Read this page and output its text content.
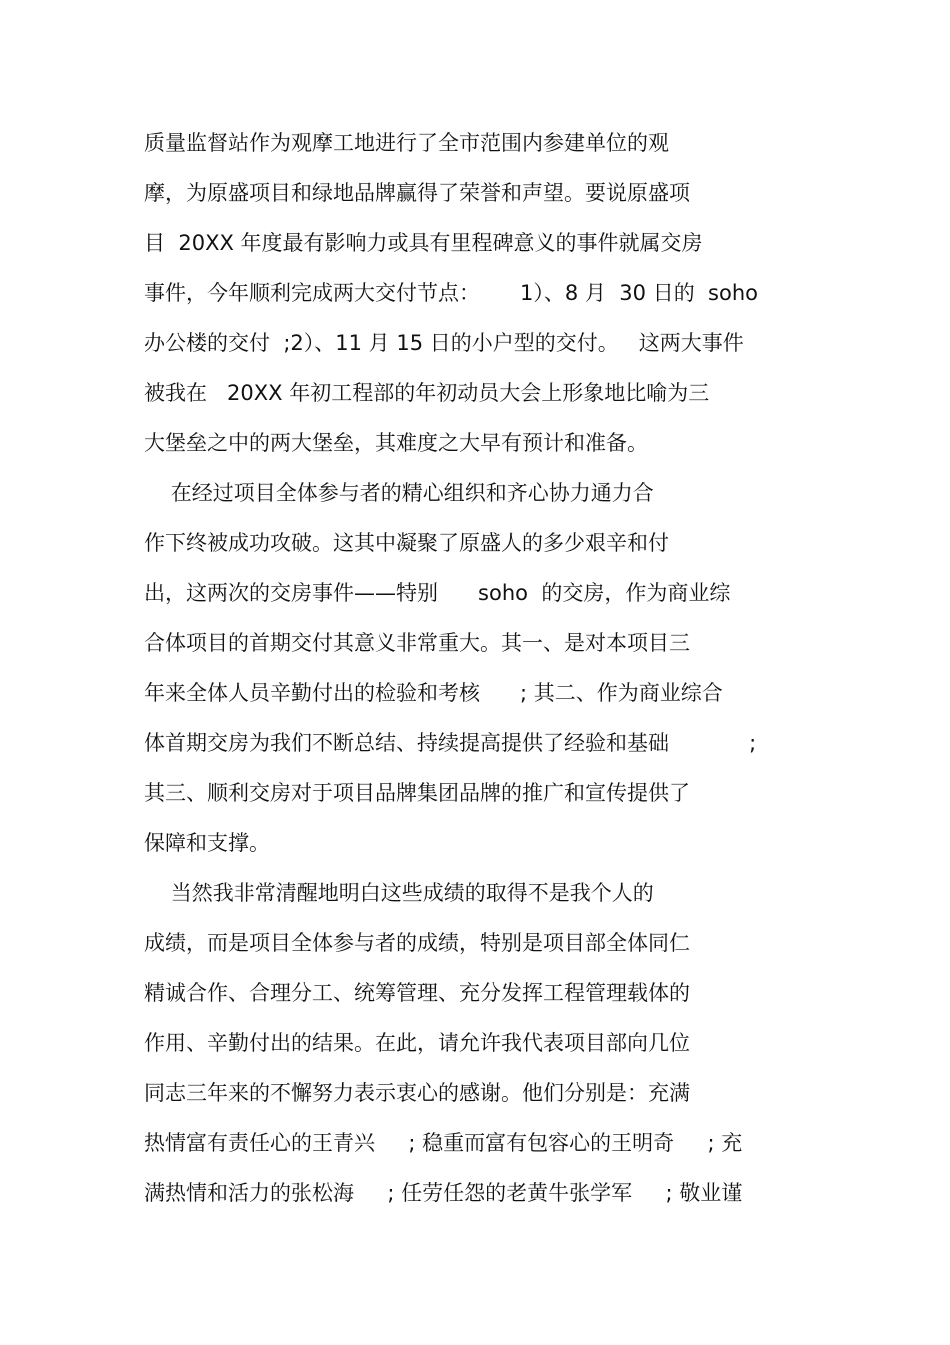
质量监督站作为观摩工地进行了全市范围内参建单位的观
摩，为原盛项目和绿地品牌赢得了荣誉和声望。要说原盛项
目  20XX 年度最有影响力或具有里程碑意义的事件就属交房
事件，今年顺利完成两大交付节点：      1）、8 月  30 日的  soho
办公楼的交付  ;2）、11 月 15 日的小户型的交付。   这两大事件
被我在   20XX 年初工程部的年初动员大会上形象地比喻为三
大堡垒之中的两大堡垒，其难度之大早有预计和准备。
在经过项目全体参与者的精心组织和齐心协力通力合
作下终被成功攻破。这其中凝聚了原盛人的多少艰辛和付
出，这两次的交房事件——特别      soho  的交房，作为商业综
合体项目的首期交付其意义非常重大。其一、是对本项目三
年来全体人员辛勤付出的检验和考核      ; 其二、作为商业综合
体首期交房为我们不断总结、持续提高提供了经验和基础            ;
其三、顺利交房对于项目品牌集团品牌的推广和宣传提供了
保障和支撑。
当然我非常清醒地明白这些成绩的取得不是我个人的
成绩，而是项目全体参与者的成绩，特别是项目部全体同仁
精诚合作、合理分工、统筹管理、充分发挥工程管理载体的
作用、辛勤付出的结果。在此，请允许我代表项目部向几位
同志三年来的不懈努力表示衷心的感谢。他们分别是：充满
热情富有责任心的王青兴     ; 稳重而富有包容心的王明奇     ; 充
满热情和活力的张松海     ; 任劳任怨的老黄牛张学军     ; 敬业谨
